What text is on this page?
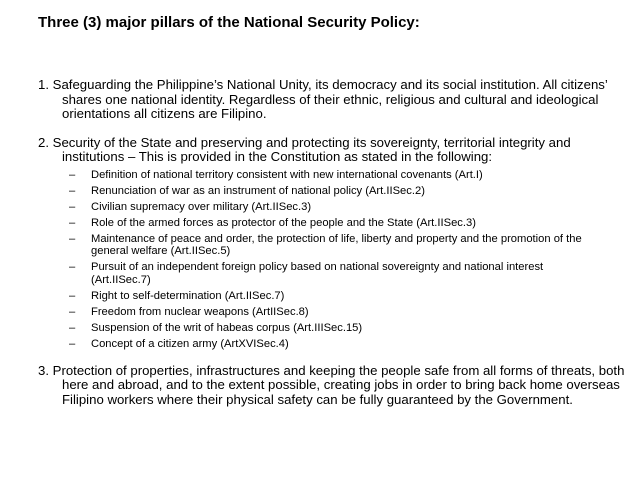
Three (3) major pillars of the National Security Policy:

1. Safeguarding the Philippine’s National Unity, its democracy and its social institution. All citizens’ shares one national identity. Regardless of their ethnic, religious and cultural and ideological orientations all citizens are Filipino.

2. Security of the State and preserving and protecting its sovereignty, territorial integrity and institutions – This is provided in the Constitution as stated in the following:

– Definition of national territory consistent with new international covenants (Art.I)
– Renunciation of war as an instrument of national policy (Art.IISec.2)
– Civilian supremacy over military (Art.IISec.3)
– Role of the armed forces as protector of the people and the State (Art.IISec.3)
– Maintenance of peace and order, the protection of life, liberty and property and the promotion of the general welfare (Art.IISec.5)
– Pursuit of an independent foreign policy based on national sovereignty and national interest (Art.IISec.7)
– Right to self-determination (Art.IISec.7)
– Freedom from nuclear weapons (ArtIISec.8)
– Suspension of the writ of habeas corpus (Art.IIISec.15)
– Concept of a citizen army (ArtXVISec.4)

3. Protection of properties, infrastructures and keeping the people safe from all forms of threats, both here and abroad, and to the extent possible, creating jobs in order to bring back home overseas Filipino workers where their physical safety can be fully guaranteed by the Government.
